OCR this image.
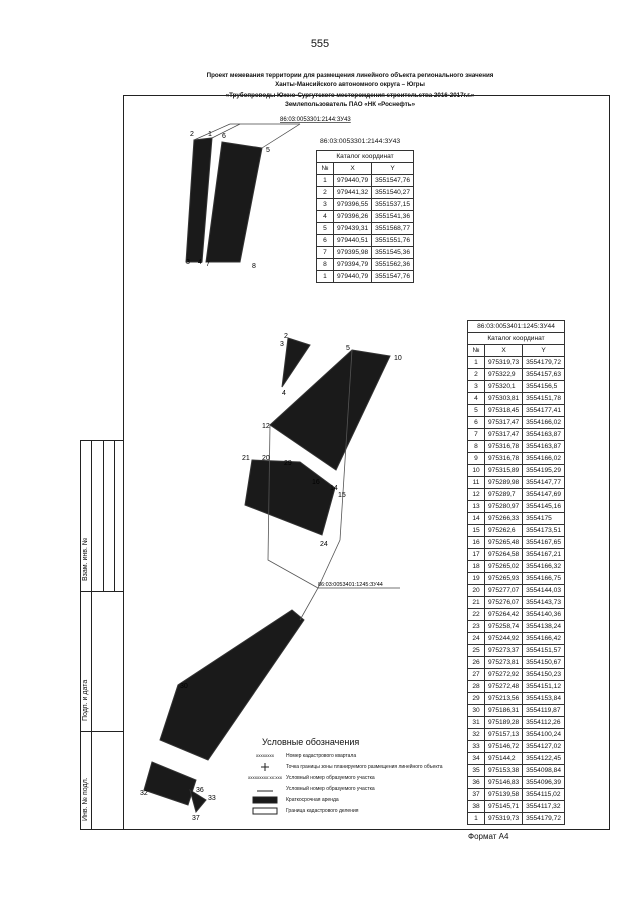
555
Проект межевания территории для размещения линейного объекта регионального значения
Ханты-Мансийского автономного округа – Югры
«Трубопроводы Южно-Сургутского месторождения строительства 2016-2017г.г.»
Землепользователь ПАО «НК «Роснефть»
Взам. инв. №
Подп. и дата
Инв. № подл.
86:03:0053301:2144:ЗУ43
86:03:0053401:1245:ЗУ44
1
2
3 4
5
6
7	8
2
3
4
5
10
12
14
15
16
20
21
24
29
30
32
33
36
37
86:03:0053301:2144:ЗУ43
Каталог координат		
№	X	Y
1	979440,79	3551547,76
2	979441,32	3551540,27
3	979396,55	3551537,15
4	979396,26	3551541,36
5	979439,31	3551568,77
6	979440,51	3551551,76
7	979395,98	3551545,36
8	979394,79	3551562,36
1	979440,79	3551547,76
86:03:0053401:1245:ЗУ44		
Каталог координат		
№	X	Y
1	975319,73	3554179,72
2	975322,9	3554157,63
3	975320,1	3554156,5
4	975303,81	3554151,78
5	975318,45	3554177,41
6	975317,47	3554166,02
7	975317,47	3554163,87
8	975316,78	3554163,87
9	975316,78	3554166,02
10	975315,89	3554195,29
11	975289,98	3554147,77
12	975289,7	3554147,69
13	975280,97	3554145,16
14	975266,33	3554175
15	975262,6	3554173,51
16	975265,48	3554167,65
17	975264,58	3554167,21
18	975265,02	3554166,32
19	975265,93	3554166,75
20	975277,07	3554144,03
21	975276,07	3554143,73
22	975264,42	3554140,36
23	975258,74	3554138,24
24	975244,92	3554166,42
25	975273,37	3554151,57
26	975273,81	3554150,67
27	975272,92	3554150,23
28	975272,48	3554151,12
29	975213,56	3554153,84
30	975186,31	3554119,87
31	975189,28	3554112,26
32	975157,13	3554100,24
33	975146,72	3554127,02
34	975144,2	3554122,45
35	975153,38	3554098,84
36	975146,83	3554096,39
37	975139,58	3554115,02
38	975145,71	3554117,32
1	975319,73	3554179,72
Условные обозначения
хххххххх	Номер кадастрового квартала
Точка границы зоны планируемого размещения линейного объекта
ххххххххх:хх:ххх Условный номер образуемого участка
Условный номер образуемого участка
Краткосрочная аренда
Граница кадастрового деления
Формат А4
